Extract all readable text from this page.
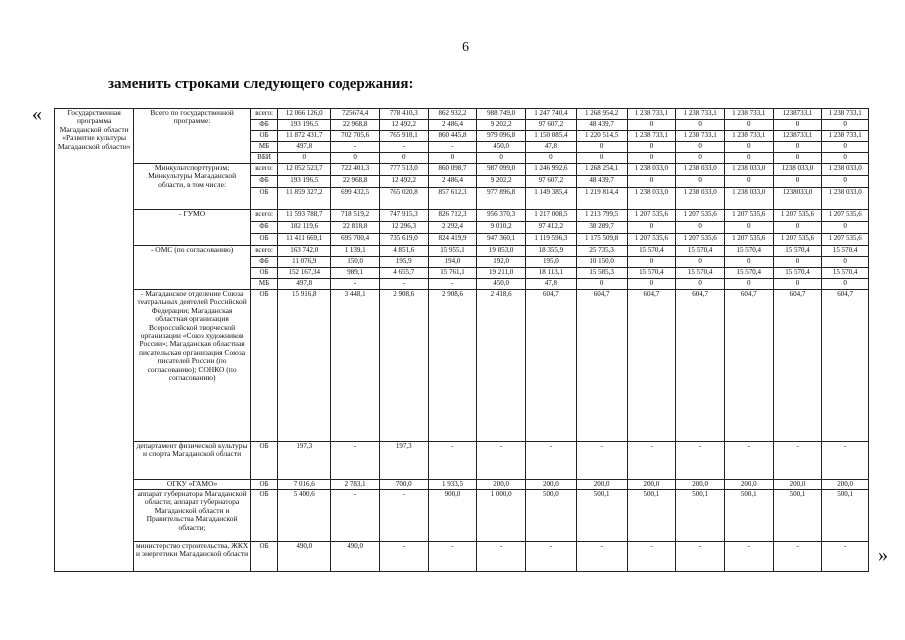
6
заменить строками следующего содержания:
«
»
Государственная программа Магаданской области «Развитие культуры Магаданской области»	Всего по государственной программе:	всего:	12 066 126,0	725674,4	778 410,3	862 932,2	988 749,0	1 247 740,4	1 268 954,2	1 238 733,1	1 238 733,1	1 238 733,1	1238733,1	1 238 733,1
		ФБ	193 196,5	22 968,8	12 492,2	2 486,4	9 202,2	97 607,2	48 439,7	0	0	0	0	0
		ОБ	11 872 431,7	702 705,6	765 918,1	860 445,8	979 096,8	1 150 085,4	1 220 514,5	1 238 733,1	1 238 733,1	1 238 733,1	1238733,1	1 238 733,1
		МБ	497,8	-	-	-	450,0	47,8	0	0	0	0	0	0
		ВБИ	0	0	0	0	0	0	0	0	0	0	0	0
	Минкультспорттуризм; Минкультуры Магаданской области, в том числе:	всего:	12 052 523,7	722 401,3	777 513,0	860 098,7	987 099,0	1 246 992,6	1 268 254,1	1 238 033,0	1 238 033,0	1 238 033,0	1238 033,0	1 238 033,0
		ФБ	193 196,5	22 968,8	12 492,2	2 486,4	9 202,2	97 607,2	48 439,7	0	0	0	0	0
		ОБ	11 859 327,2	699 432,5	765 020,8	857 612,3	977 896,8	1 149 385,4	1 219 814,4	1 238 033,0	1 238 033,0	1 238 033,0	1238033,0	1 238 033,0
	- ГУМО	всего:	11 593 788,7	718 519,2	747 915,3	826 712,3	956 370,3	1 217 008,5	1 213 799,5	1 207 535,6	1 207 535,6	1 207 535,6	1 207 535,6	1 207 535,6
		ФБ	182 119,6	22 818,8	12 296,3	2 292,4	9 010,2	97 412,2	38 289,7	0	0	0	0	0
		ОБ	11 411 669,1	695 700,4	735 619,0	824 419,9	947 360,1	1 119 596,3	1 175 509,8	1 207 535,6	1 207 535,6	1 207 535,6	1 207 535,6	1 207 535,6
	- ОМС (по согласованию)	всего:	163 742,0	1 139,1	4 851,6	15 955,1	19 853,0	18 355,9	25 735,3	15 570,4	15 570,4	15 570,4	15 570,4	15 570,4
		ФБ	11 076,9	150,0	195,9	194,0	192,0	195,0	10 150,0	0	0	0	0	0
		ОБ	152 167,34	989,1	4 655,7	15 761,1	19 211,0	18 113,1	15 585,3	15 570,4	15 570,4	15 570,4	15 570,4	15 570,4
		МБ	497,8	-	-	-	450,0	47,8	0	0	0	0	0	0
	- Магаданское отделение Союза театральных деятелей Российской Федерации; Магаданская областная организация Всероссийской творческой организации «Союз художников России»; Магаданская областная писательская организация Союза писателей России (по согласованию); СОНКО (по согласованию)	ОБ	15 916,8	3 448,1	2 908,6	2 908,6	2 418,6	604,7	604,7	604,7	604,7	604,7	604,7	604,7
	департамент физической культуры и спорта Магаданской области	ОБ	197,3	-	197,3	-	-	-	-	-	-	-	-	-
	ОГКУ «ГАМО»	ОБ	7 016,6	2 783,1	700,0	1 933,5	200,0	200,0	200,0	200,0	200,0	200,0	200,0	200,0
	аппарат губернатора Магаданской области; аппарат губернатора Магаданской области и Правительства Магаданской области;	ОБ	5 400,6	-	-	900,0	1 000,0	500,0	500,1	500,1	500,1	500,1	500,1	500,1
	министерство строительства, ЖКХ и энергетики Магаданской области	ОБ	490,0	490,0	-	-	-	-	-	-	-	-	-	-
